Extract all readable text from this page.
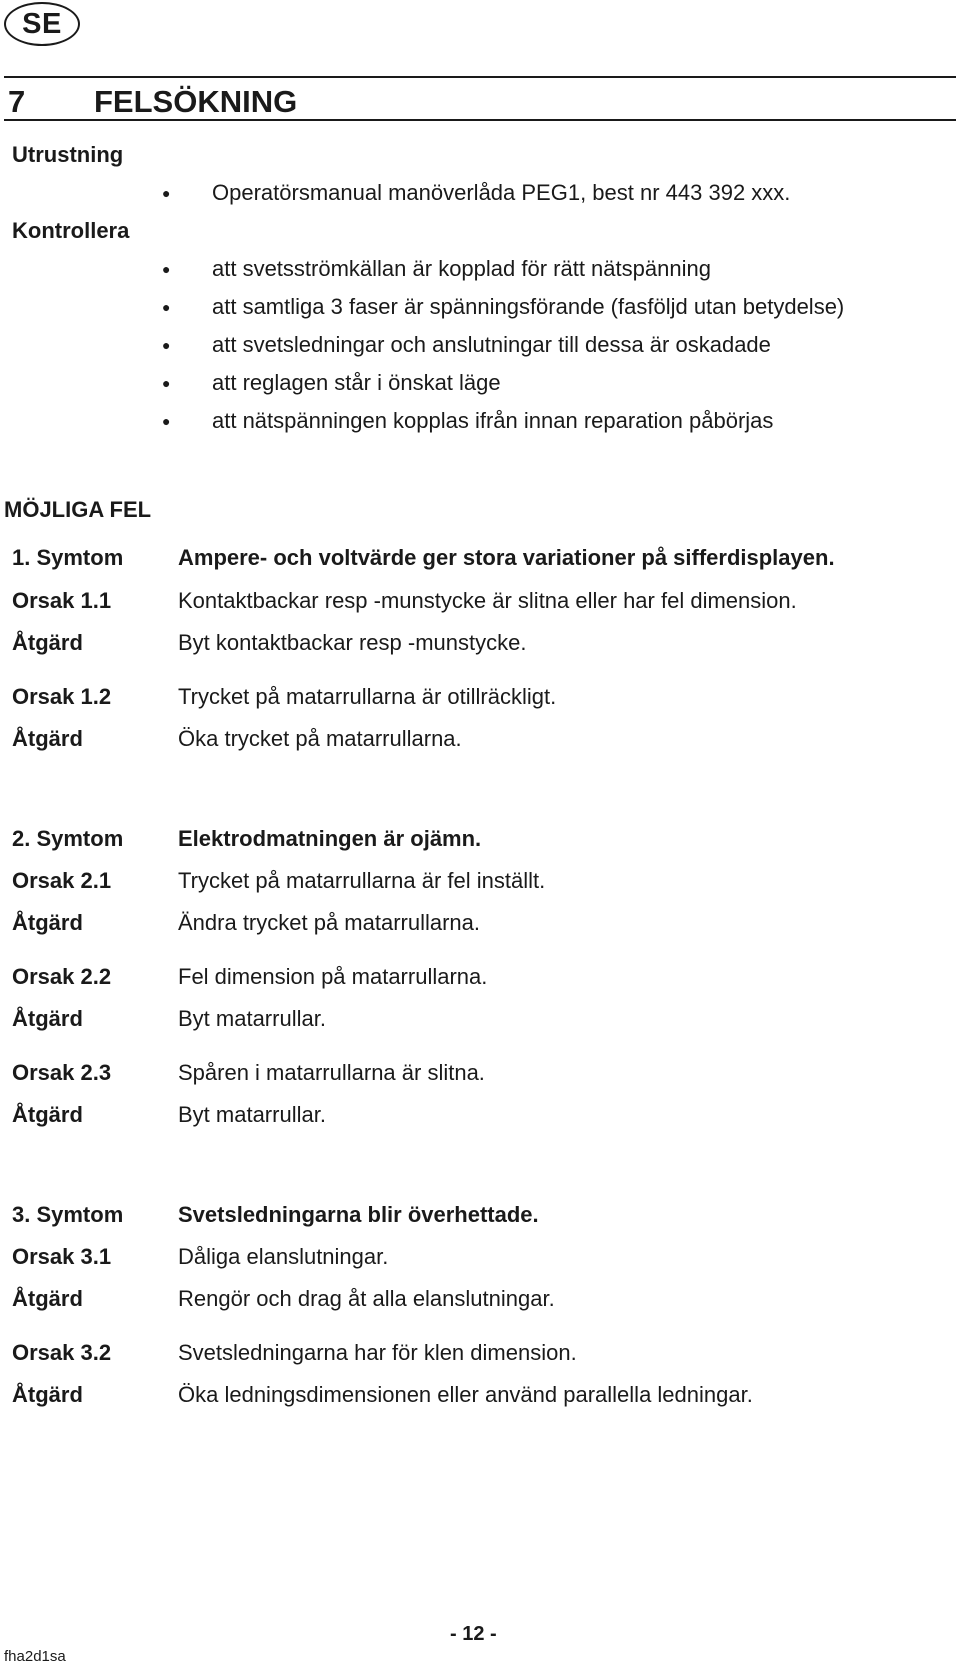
SE
7 FELSÖKNING
Utrustning
● Operatörsmanual manöverlåda PEG1, best nr 443 392 xxx.
Kontrollera
● att svetsströmkällan är kopplad för rätt nätspänning
● att samtliga 3 faser är spänningsförande (fasföljd utan betydelse)
● att svetsledningar och anslutningar till dessa är oskadade
● att reglagen står i önskat läge
● att nätspänningen kopplas ifrån innan reparation påbörjas
MÖJLIGA FEL
1. Symtom Ampere- och voltvärde ger stora variationer på sifferdisplayen.
Orsak 1.1	Kontaktbackar resp -munstycke är slitna eller har fel dimension.
Åtgärd	Byt kontaktbackar resp -munstycke.
Orsak 1.2	Trycket på matarrullarna är otillräckligt.
Åtgärd	Öka trycket på matarrullarna.
2. Symtom Elektrodmatningen är ojämn.
Orsak 2.1	Trycket på matarrullarna är fel inställt.
Åtgärd	Ändra trycket på matarrullarna.
Orsak 2.2	Fel dimension på matarrullarna.
Åtgärd	Byt matarrullar.
Orsak 2.3	Spåren i matarrullarna är slitna.
Åtgärd	Byt matarrullar.
3. Symtom Svetsledningarna blir överhettade.
Orsak 3.1	Dåliga elanslutningar.
Åtgärd	Rengör och drag åt alla elanslutningar.
Orsak 3.2	Svetsledningarna har för klen dimension.
Åtgärd	Öka ledningsdimensionen eller använd parallella ledningar.
- 12 -
fha2d1sa
